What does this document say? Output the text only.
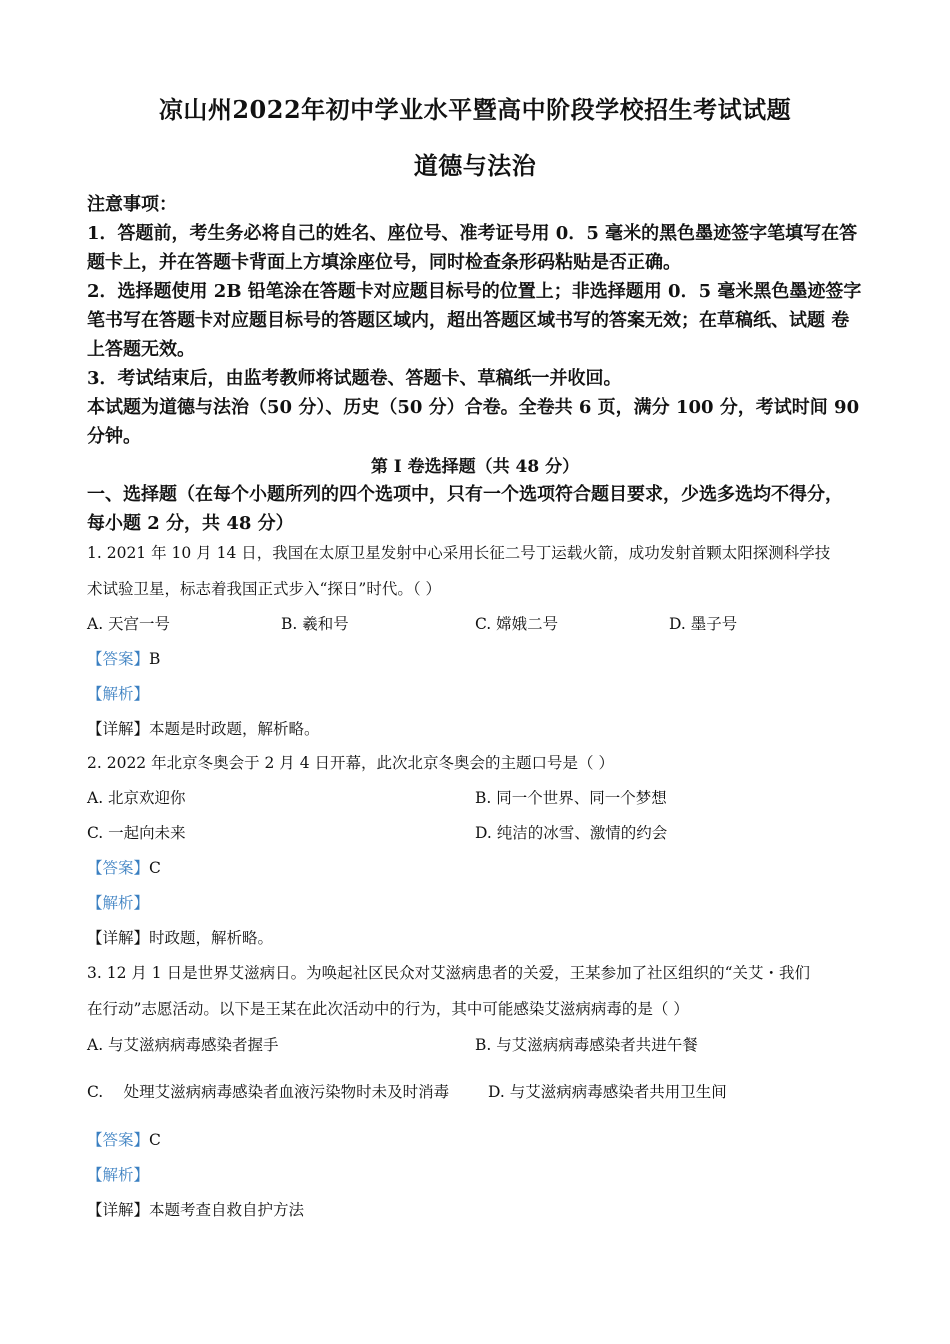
凉山州2022年初中学业水平暨高中阶段学校招生考试试题
道德与法治

注意事项：

1．答题前，考生务必将自己的姓名、座位号、准考证号用 0．5 毫米的黑色墨迹签字笔填写在答题卡上，并在答题卡背面上方填涂座位号，同时检查条形码粘贴是否正确。

2．选择题使用 2B 铅笔涂在答题卡对应题目标号的位置上；非选择题用 0．5 毫米黑色墨迹签字笔书写在答题卡对应题目标号的答题区域内，超出答题区域书写的答案无效；在草稿纸、试题 卷上答题无效。

3．考试结束后，由监考教师将试题卷、答题卡、草稿纸一并收回。

本试题为道德与法治（50 分）、历史（50 分）合卷。全卷共 6 页，满分 100 分，考试时间 90 分钟。

第 I 卷选择题（共 48 分）

一、选择题（在每个小题所列的四个选项中，只有一个选项符合题目要求，少选多选均不得分， 每小题 2 分，共 48 分）

1. 2021 年 10 月 14 日，我国在太原卫星发射中心采用长征二号丁运载火箭，成功发射首颗太阳探测科学技

术试验卫星，标志着我国正式步入“探日”时代。（ ）

A. 天宫一号	B. 羲和号	C. 嫦娥二号	D. 墨子号

【答案】B

【解析】

【详解】本题是时政题，解析略。

2. 2022 年北京冬奥会于 2 月 4 日开幕，此次北京冬奥会的主题口号是（ ）

A. 北京欢迎你	B. 同一个世界、同一个梦想
C. 一起向未来	D. 纯洁的冰雪、激情的约会

【答案】C

【解析】

【详解】时政题，解析略。

3. 12 月 1 日是世界艾滋病日。为唤起社区民众对艾滋病患者的关爱，王某参加了社区组织的“关艾・我们

在行动”志愿活动。以下是王某在此次活动中的行为，其中可能感染艾滋病病毒的是（ ）

A. 与艾滋病病毒感染者握手	B. 与艾滋病病毒感染者共进午餐
C.　 处理艾滋病病毒感染者血液污染物时未及时消毒	D. 与艾滋病病毒感染者共用卫生间

【答案】C

【解析】

【详解】本题考查自救自护方法
